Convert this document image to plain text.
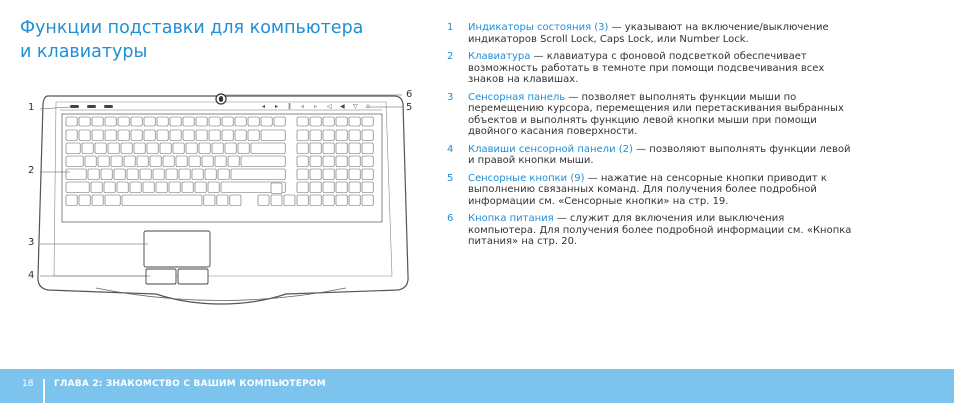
Функции подставки для компьютера и клавиатуры
◂ ▸ ‖ ◃ ▹ ◁ ◀ ▽ ⌂
1
2
3
4
5
6
1	Индикаторы состояния (3) — указывают на включение/выключение индикаторов Scroll Lock, Caps Lock, или Number Lock.
2	Клавиатура — клавиатура с фоновой подсветкой обеспечивает возможность работать в темноте при помощи подсвечивания всех знаков на клавишах.
3	Сенсорная панель — позволяет выполнять функции мыши по перемещению курсора, перемещения или перетаскивания выбранных объектов и выполнять функцию левой кнопки мыши при помощи двойного касания поверхности.
4	Клавиши сенсорной панели (2) — позволяют выполнять функции левой и правой кнопки мыши.
5	Сенсорные кнопки (9) — нажатие на сенсорные кнопки приводит к выполнению связанных команд. Для получения более подробной информации см. «Сенсорные кнопки» на стр. 19.
6	Кнопка питания — служит для включения или выключения компьютера. Для получения более подробной информации см. «Кнопка питания» на стр. 20.
18 ГЛАВА 2: ЗНАКОМСТВО С ВАШИМ КОМПЬЮТЕРОМ
